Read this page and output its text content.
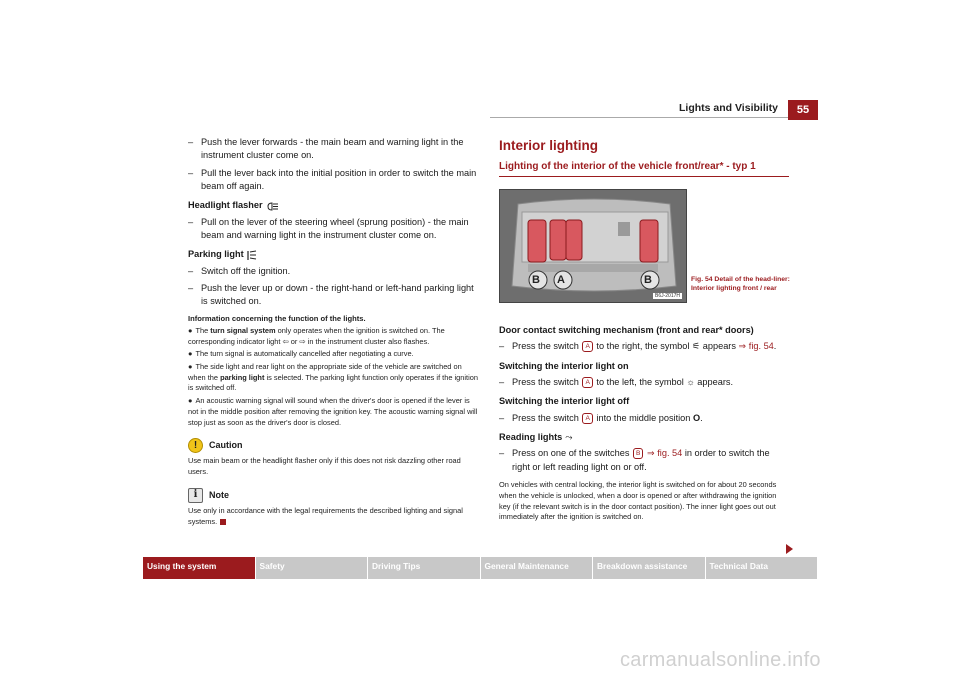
Lights and Visibility	55
– Push the lever forwards - the main beam and warning light in the instrument cluster come on.
– Pull the lever back into the initial position in order to switch the main beam off again.
Headlight flasher
– Pull on the lever of the steering wheel (sprung position) - the main beam and warning light in the instrument cluster come on.
Parking light
– Switch off the ignition.
– Push the lever up or down - the right-hand or left-hand parking light is switched on.
Information concerning the function of the lights.
● The turn signal system only operates when the ignition is switched on. The corresponding indicator light ⇦ or ⇨ in the instrument cluster also flashes.
● The turn signal is automatically cancelled after negotiating a curve.
● The side light and rear light on the appropriate side of the vehicle are switched on when the parking light is selected. The parking light function only operates if the ignition is switched off.
● An acoustic warning signal will sound when the driver's door is opened if the lever is not in the middle position after removing the ignition key. The acoustic warning signal will stop just as soon as the driver's door is closed.
!	Caution
Use main beam or the headlight flasher only if this does not risk dazzling other road users.
i	Note
Use only in accordance with the legal requirements the described lighting and signal systems.
Interior lighting
Lighting of the interior of the vehicle front/rear* - typ 1
B A	B
B6J-2017H
Fig. 54 Detail of the head-liner: Interior lighting front / rear
Door contact switching mechanism (front and rear* doors)
– Press the switch A to the right, the symbol ⚟ appears ⇒ fig. 54.
Switching the interior light on
– Press the switch A to the left, the symbol ☼ appears.
Switching the interior light off
– Press the switch A into the middle position O.
Reading lights ⤳
– Press on one of the switches B ⇒ fig. 54 in order to switch the right or left reading light on or off.
On vehicles with central locking, the interior light is switched on for about 20 seconds when the vehicle is unlocked, when a door is opened or after withdrawing the ignition key (if the relevant switch is in the door contact position). The inner light goes out out immediately after the ignition is switched on.
Using the system	Safety	Driving Tips	General Maintenance	Breakdown assistance	Technical Data
carmanualsonline.info
